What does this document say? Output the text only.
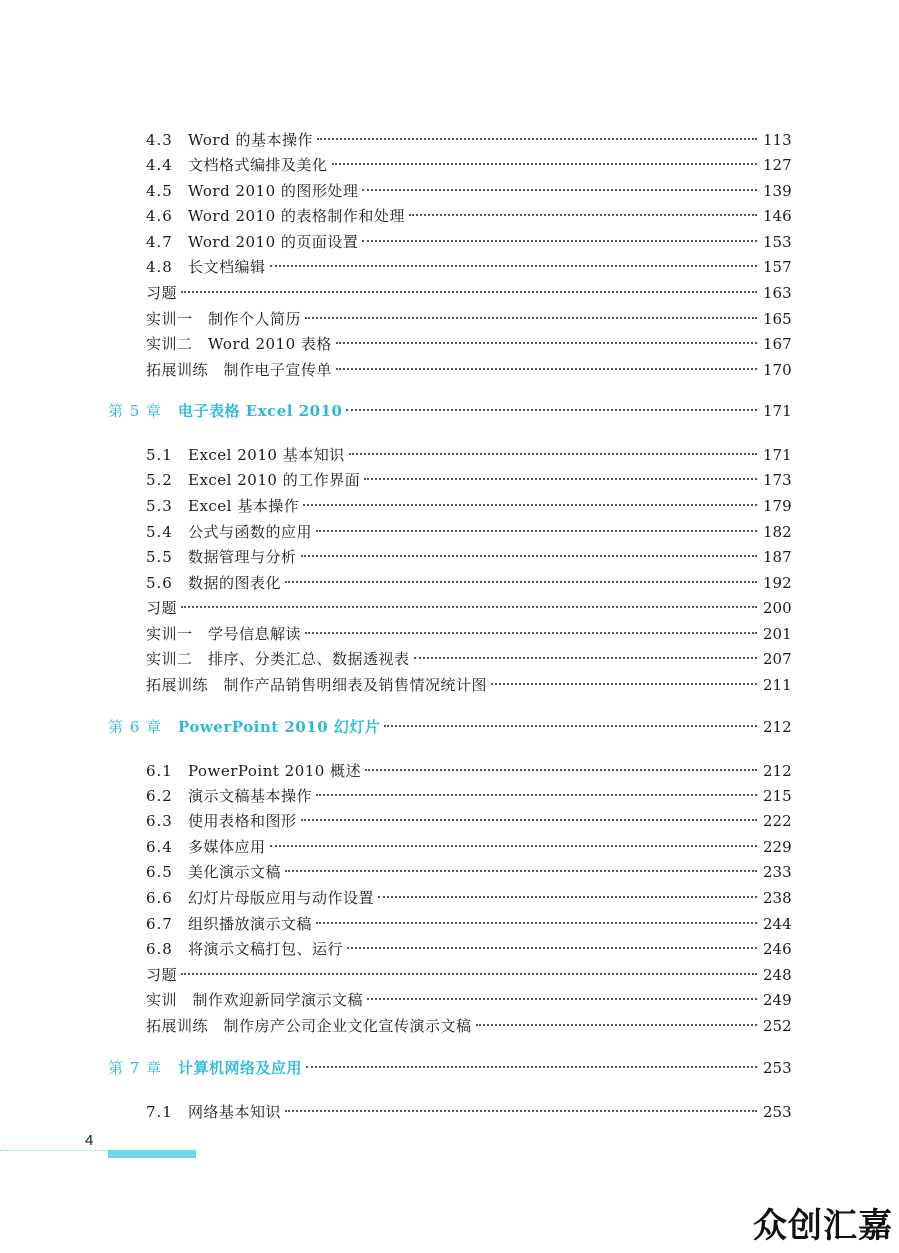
4.3	Word 的基本操作	113
4.4	文档格式编排及美化	127
4.5	Word 2010 的图形处理	139
4.6	Word 2010 的表格制作和处理	146
4.7	Word 2010 的页面设置	153
4.8	长文档编辑	157
习题	163
实训一　制作个人简历	165
实训二　Word 2010 表格	167
拓展训练　制作电子宣传单	170
第 5 章	电子表格 Excel 2010	171
5.1	Excel 2010 基本知识	171
5.2	Excel 2010 的工作界面	173
5.3	Excel 基本操作	179
5.4	公式与函数的应用	182
5.5	数据管理与分析	187
5.6	数据的图表化	192
习题	200
实训一　学号信息解读	201
实训二　排序、分类汇总、数据透视表	207
拓展训练　制作产品销售明细表及销售情况统计图	211
第 6 章	PowerPoint 2010 幻灯片	212
6.1	PowerPoint 2010 概述	212
6.2	演示文稿基本操作	215
6.3	使用表格和图形	222
6.4	多媒体应用	229
6.5	美化演示文稿	233
6.6	幻灯片母版应用与动作设置	238
6.7	组织播放演示文稿	244
6.8	将演示文稿打包、运行	246
习题	248
实训　制作欢迎新同学演示文稿	249
拓展训练　制作房产公司企业文化宣传演示文稿	252
第 7 章	计算机网络及应用	253
7.1	网络基本知识	253
4
众创汇嘉
